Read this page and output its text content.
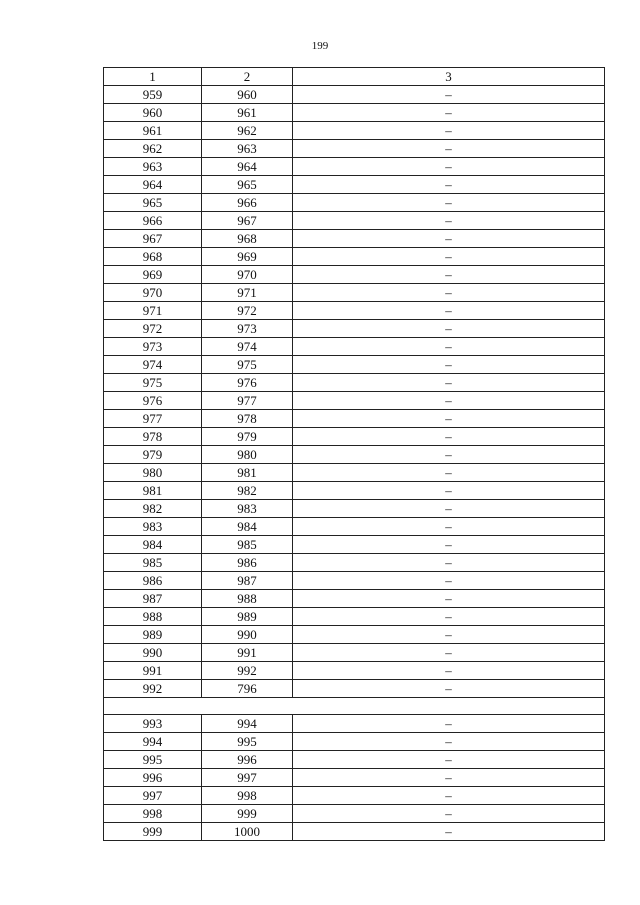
199
1	2	3
959	960	–
960	961	–
961	962	–
962	963	–
963	964	–
964	965	–
965	966	–
966	967	–
967	968	–
968	969	–
969	970	–
970	971	–
971	972	–
972	973	–
973	974	–
974	975	–
975	976	–
976	977	–
977	978	–
978	979	–
979	980	–
980	981	–
981	982	–
982	983	–
983	984	–
984	985	–
985	986	–
986	987	–
987	988	–
988	989	–
989	990	–
990	991	–
991	992	–
992	796	–

993	994	–
994	995	–
995	996	–
996	997	–
997	998	–
998	999	–
999	1000	–
